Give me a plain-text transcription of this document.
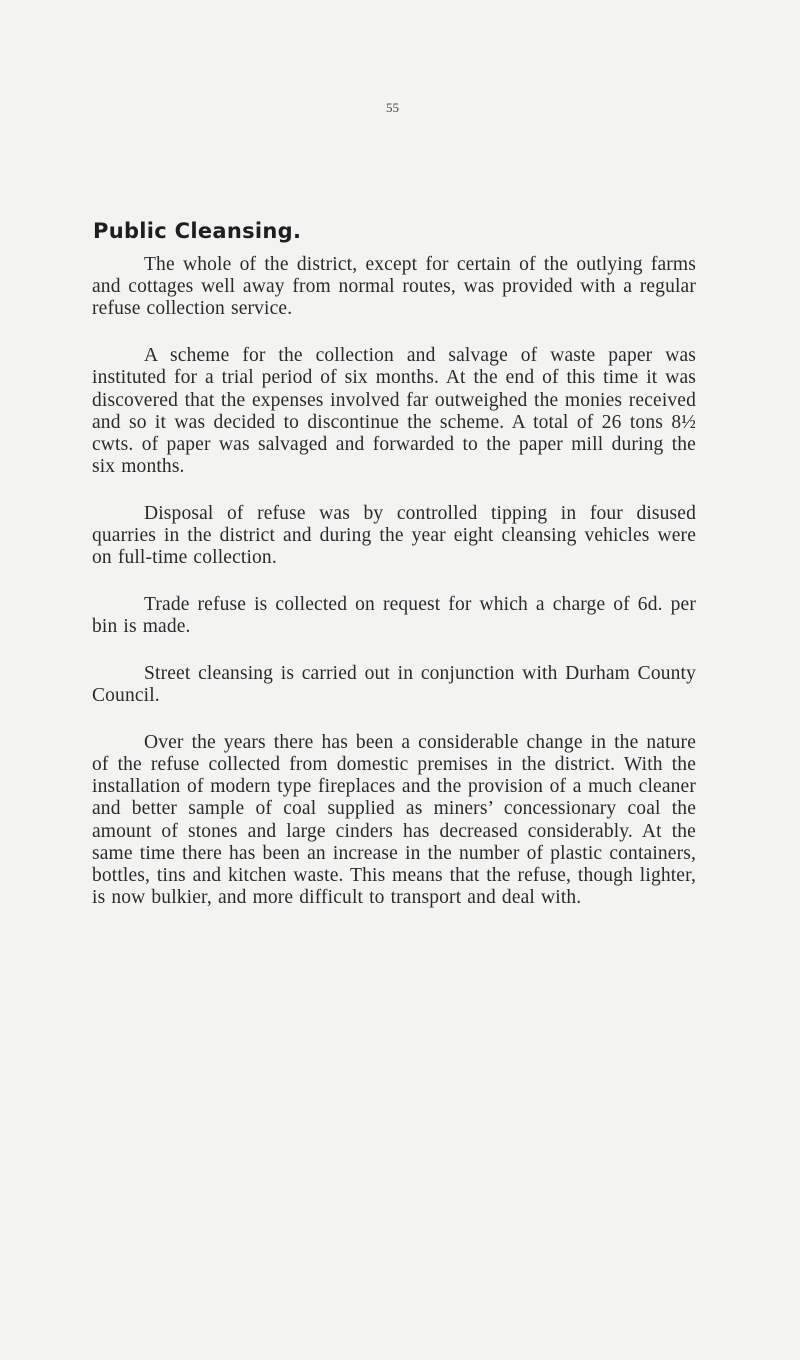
55
Public Cleansing.

The whole of the district, except for certain of the outlying farms and cottages well away from normal routes, was provided with a regular refuse collection service.

A scheme for the collection and salvage of waste paper was instituted for a trial period of six months. At the end of this time it was discovered that the expenses involved far outweighed the monies received and so it was decided to discontinue the scheme. A total of 26 tons 8½ cwts. of paper was salvaged and forwarded to the paper mill during the six months.

Disposal of refuse was by controlled tipping in four disused quarries in the district and during the year eight cleansing vehicles were on full-time collection.

Trade refuse is collected on request for which a charge of 6d. per bin is made.

Street cleansing is carried out in conjunction with Durham County Council.

Over the years there has been a considerable change in the nature of the refuse collected from domestic premises in the district. With the installation of modern type fireplaces and the provision of a much cleaner and better sample of coal supplied as miners’ concessionary coal the amount of stones and large cinders has decreased considerably. At the same time there has been an increase in the number of plastic containers, bottles, tins and kitchen waste. This means that the refuse, though lighter, is now bulkier, and more difficult to transport and deal with.
